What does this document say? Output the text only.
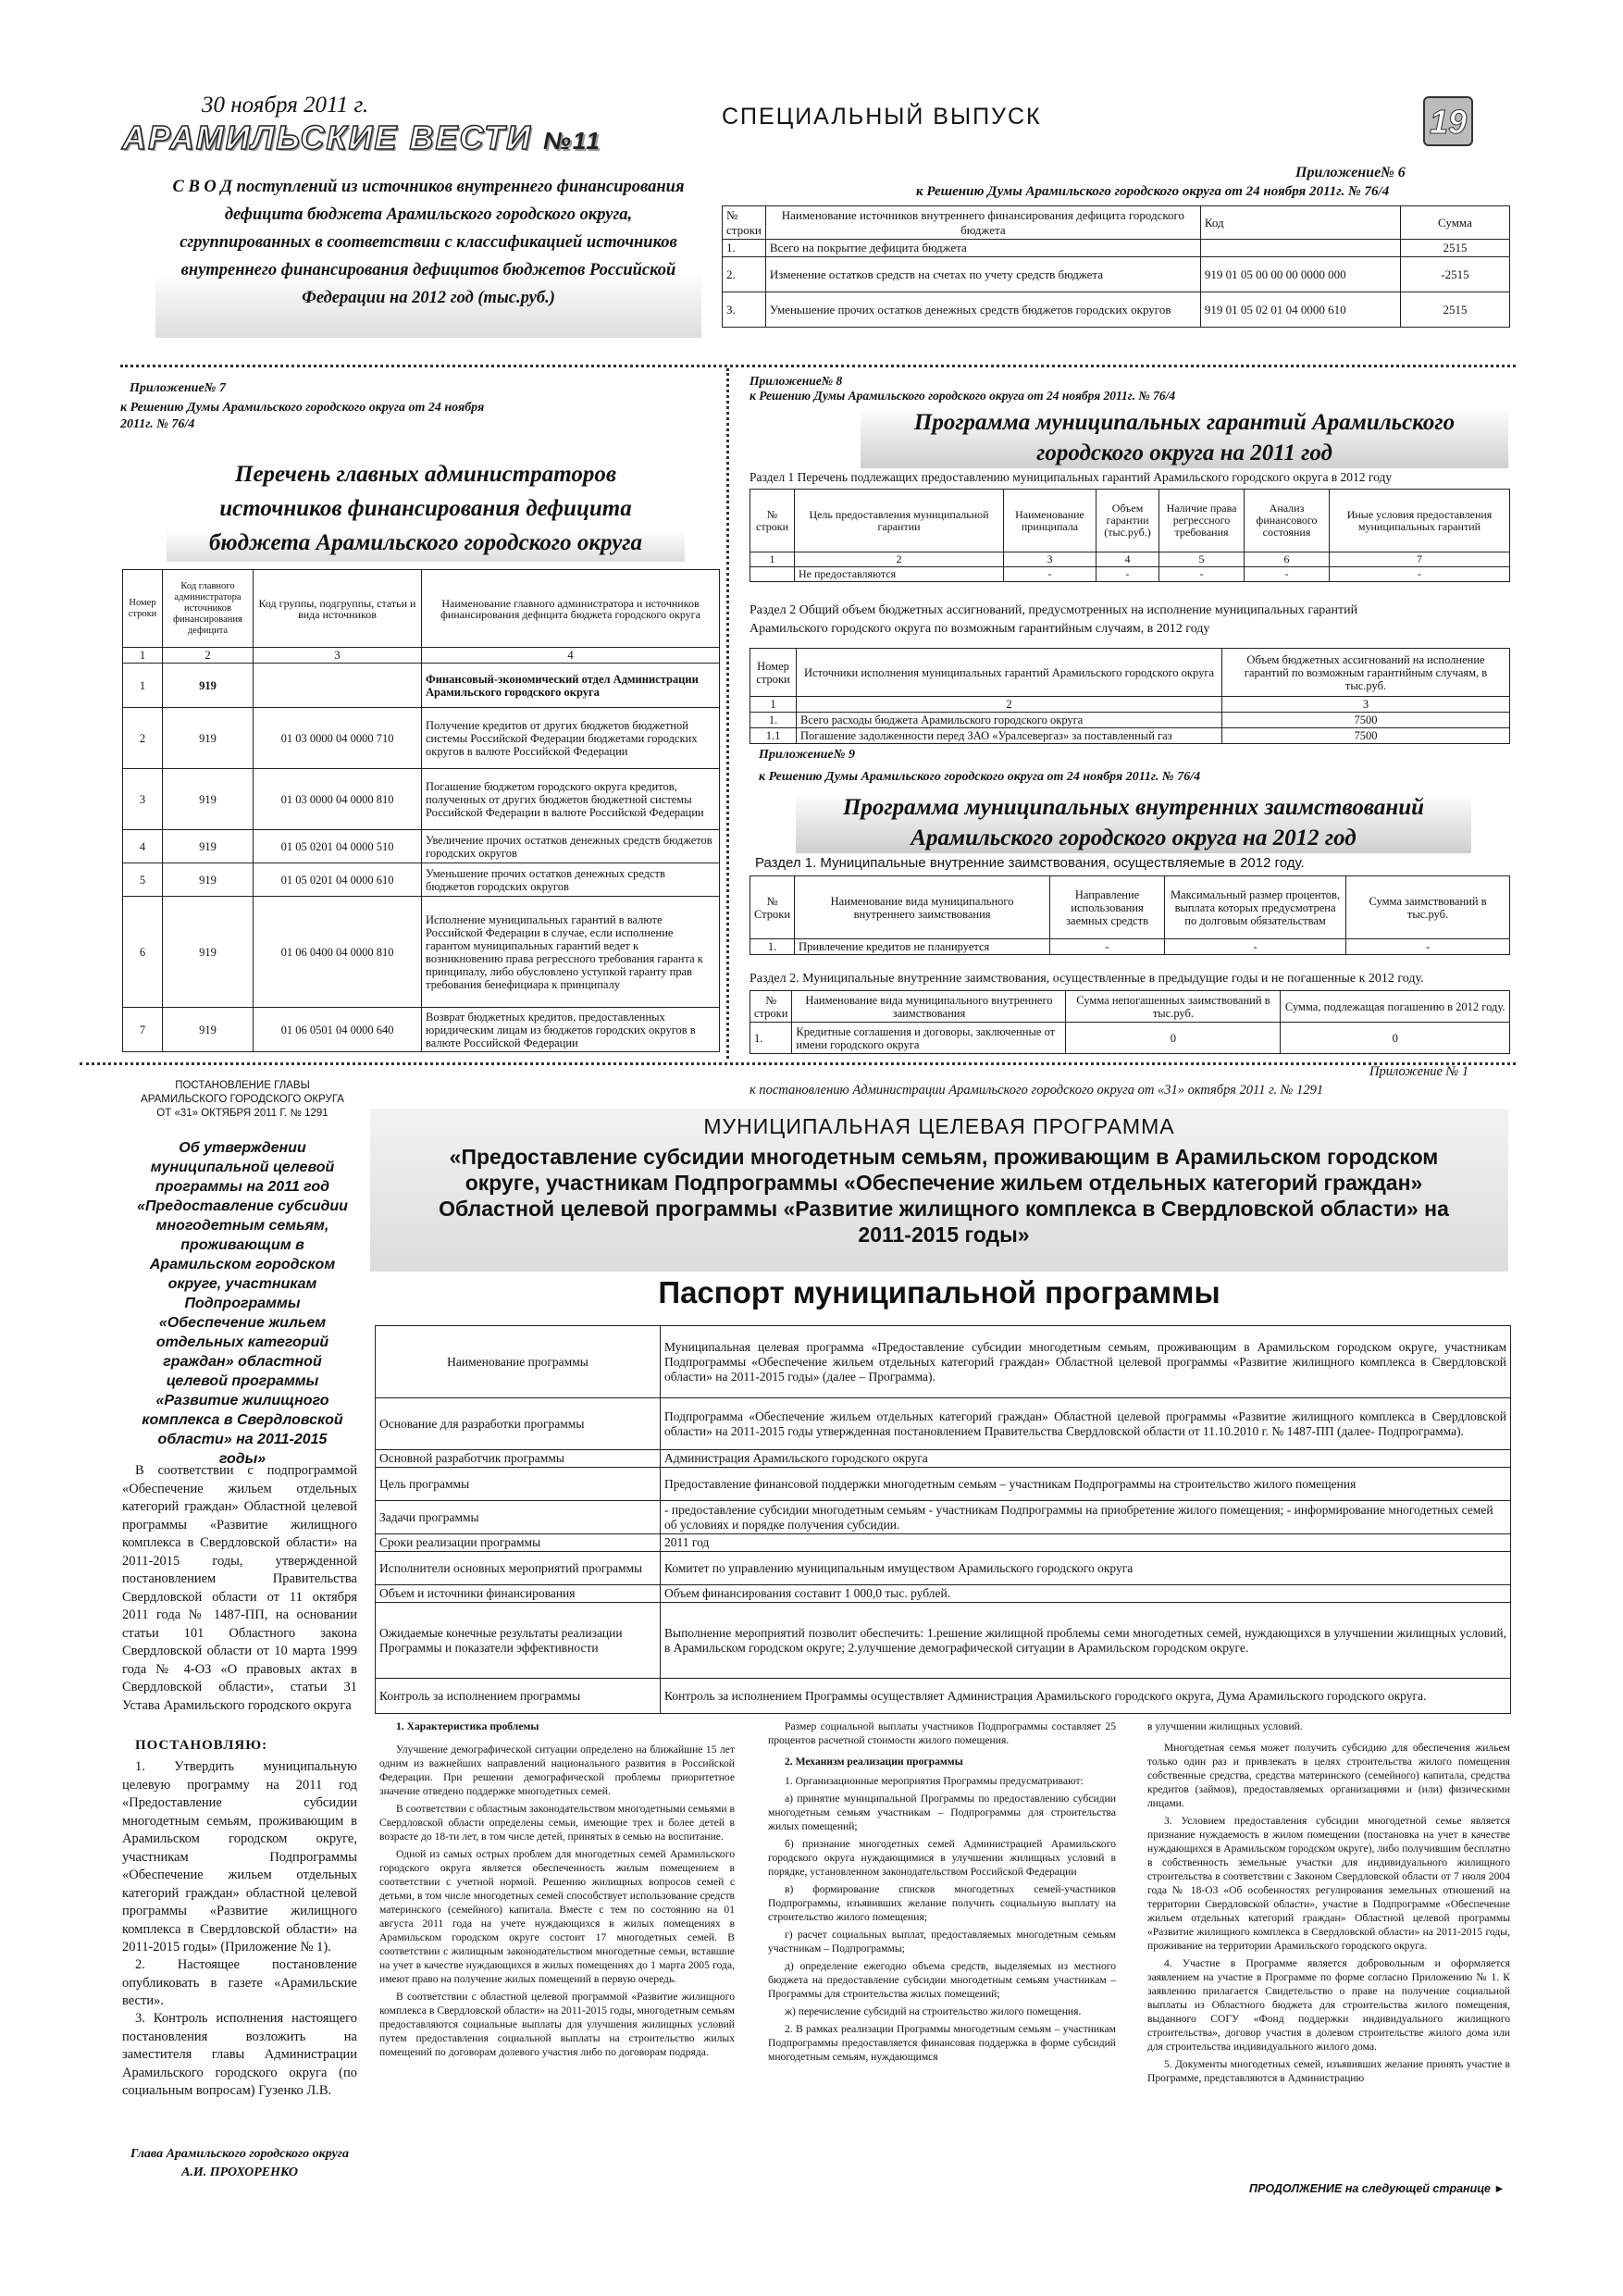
30 ноября 2011 г.
АРАМИЛЬСКИЕ ВЕСТИ №11
СПЕЦИАЛЬНЫЙ ВЫПУСК	19
С В О Д поступлений из источников внутреннего финансирования дефицита бюджета Арамильского городского округа, сгруппированных в соответствии с классификацией источников внутреннего финансирования дефицитов бюджетов Российской Федерации на 2012 год (тыс.руб.)
Приложение№ 6
к Решению Думы Арамильского городского округа от 24 ноября 2011г. № 76/4
№ строки	Наименование источников внутреннего финансирования дефицита городского бюджета	Код	Сумма
1.	Всего на покрытие дефицита бюджета		2515
2.	Изменение остатков средств на счетах по учету средств бюджета	919 01 05 00 00 00 0000 000	-2515
3.	Уменьшение прочих остатков денежных средств бюджетов городских округов	919 01 05 02 01 04 0000 610	2515
Приложение№ 7
к Решению Думы Арамильского городского округа от 24 ноября 2011г. № 76/4
Перечень главных администраторов источников финансирования дефицита бюджета Арамильского городского округа
Номер строки	Код главного администратора источников финансирования дефицита	Код группы, подгруппы, статьи и вида источников	Наименование главного администратора и источников финансирования дефицита бюджета городского округа
1	2	3	4
1	919		Финансовый-экономический отдел Администрации Арамильского городского округа
2	919	01 03 0000 04 0000 710	Получение кредитов от других бюджетов бюджетной системы Российской Федерации бюджетами городских округов в валюте Российской Федерации
3	919	01 03 0000 04 0000 810	Погашение бюджетом городского округа кредитов, полученных от других бюджетов бюджетной системы Российской Федерации в валюте Российской Федерации
4	919	01 05 0201 04 0000 510	Увеличение прочих остатков денежных средств бюджетов городских округов
5	919	01 05 0201 04 0000 610	Уменьшение прочих остатков денежных средств бюджетов городских округов
6	919	01 06 0400 04 0000 810	Исполнение муниципальных гарантий в валюте Российской Федерации в случае, если исполнение гарантом муниципальных гарантий ведет к возникновению права регрессного требования гаранта к принципалу, либо обусловлено уступкой гаранту прав требования бенефициара к принципалу
7	919	01 06 0501 04 0000 640	Возврат бюджетных кредитов, предоставленных юридическим лицам из бюджетов городских округов в валюте Российской Федерации
Приложение№ 8
к Решению Думы Арамильского городского округа от 24 ноября 2011г. № 76/4
Программа муниципальных гарантий Арамильского городского округа на 2011 год
Раздел 1 Перечень подлежащих предоставлению муниципальных гарантий Арамильского городского округа в 2012 году
№ строки	Цель предоставления муниципальной гарантии	Наименование принципала	Объем гарантии (тыс.руб.)	Наличие права регрессного требования	Анализ финансового состояния	Иные условия предоставления муниципальных гарантий
1	2	3	4	5	6	7
	Не предоставляются	-	-	-	-	-
Раздел 2 Общий объем бюджетных ассигнований, предусмотренных на исполнение муниципальных гарантий Арамильского городского округа по возможным гарантийным случаям, в 2012 году
Номер строки	Источники исполнения муниципальных гарантий Арамильского городского округа	Объем бюджетных ассигнований на исполнение гарантий по возможным гарантийным случаям, в тыс.руб.
1	2	3
1.	Всего расходы бюджета Арамильского городского округа	7500
1.1	Погашение задолженности перед ЗАО «Уралсевергаз» за поставленный газ	7500
Приложение№ 9
к Решению Думы Арамильского городского округа от 24 ноября 2011г. № 76/4
Программа муниципальных внутренних заимствований Арамильского городского округа на 2012 год
Раздел 1. Муниципальные внутренние заимствования, осуществляемые в 2012 году.
№ Строки	Наименование вида муниципального внутреннего заимствования	Направление использования заемных средств	Максимальный размер процентов, выплата которых предусмотрена по долговым обязательствам	Сумма заимствований в тыс.руб.
1.	Привлечение кредитов не планируется	-	-	-
Раздел 2. Муниципальные внутренние заимствования, осуществленные в предыдущие годы и не погашенные к 2012 году.
№ строки	Наименование вида муниципального внутреннего заимствования	Сумма непогашенных заимствований в тыс.руб.	Сумма, подлежащая погашению в 2012 году.
1.	Кредитные соглашения и договоры, заключенные от имени городского округа	0	0
ПОСТАНОВЛЕНИЕ ГЛАВЫ АРАМИЛЬСКОГО ГОРОДСКОГО ОКРУГА ОТ «31» ОКТЯБРЯ 2011 Г. № 1291
Об утверждении муниципальной целевой программы на 2011 год «Предоставление субсидии многодетным семьям, проживающим в Арамильском городском округе, участникам Подпрограммы «Обеспечение жильем отдельных категорий граждан» областной целевой программы «Развитие жилищного комплекса в Свердловской области» на 2011-2015 годы»
В соответствии с подпрограммой «Обеспечение жильем отдельных категорий граждан» Областной целевой программы «Развитие жилищного комплекса в Свердловской области» на 2011-2015 годы, утвержденной постановлением Правительства Свердловской области от 11 октября 2011 года № 1487-ПП, на основании статьи 101 Областного закона Свердловской области от 10 марта 1999 года № 4-ОЗ «О правовых актах в Свердловской области», статьи 31 Устава Арамильского городского округа
ПОСТАНОВЛЯЮ:
1. Утвердить муниципальную целевую программу на 2011 год «Предоставление субсидии многодетным семьям, проживающим в Арамильском городском округе, участникам Подпрограммы «Обеспечение жильем отдельных категорий граждан» областной целевой программы «Развитие жилищного комплекса в Свердловской области» на 2011-2015 годы» (Приложение № 1).
2. Настоящее постановление опубликовать в газете «Арамильские вести».
3. Контроль исполнения настоящего постановления возложить на заместителя главы Администрации Арамильского городского округа (по социальным вопросам) Гузенко Л.В.
Глава Арамильского городского округа А.И. ПРОХОРЕНКО
Приложение № 1
к постановлению Администрации Арамильского городского округа от «31» октября 2011 г. № 1291
МУНИЦИПАЛЬНАЯ ЦЕЛЕВАЯ ПРОГРАММА
«Предоставление субсидии многодетным семьям, проживающим в Арамильском городском округе, участникам Подпрограммы «Обеспечение жильем отдельных категорий граждан» Областной целевой программы «Развитие жилищного комплекса в Свердловской области» на 2011-2015 годы»
Паспорт муниципальной программы
Наименование программы	Муниципальная целевая программа «Предоставление субсидии многодетным семьям, проживающим в Арамильском городском округе, участникам Подпрограммы «Обеспечение жильем отдельных категорий граждан» Областной целевой программы «Развитие жилищного комплекса в Свердловской области» на 2011-2015 годы» (далее – Программа).
Основание для разработки программы	Подпрограмма «Обеспечение жильем отдельных категорий граждан» Областной целевой программы «Развитие жилищного комплекса в Свердловской области» на 2011-2015 годы утвержденная постановлением Правительства Свердловской области от 11.10.2010 г. № 1487-ПП (далее- Подпрограмма).
Основной разработчик программы	Администрация Арамильского городского округа
Цель программы	Предоставление финансовой поддержки многодетным семьям – участникам Подпрограммы на строительство жилого помещения
Задачи программы	- предоставление субсидии многодетным семьям - участникам Подпрограммы на приобретение жилого помещения; - информирование многодетных семей об условиях и порядке получения субсидии.
Сроки реализации программы	2011 год
Исполнители основных мероприятий программы	Комитет по управлению муниципальным имуществом Арамильского городского округа
Объем и источники финансирования	Объем финансирования составит 1 000,0 тыс. рублей.
Ожидаемые конечные результаты реализации Программы и показатели эффективности	Выполнение мероприятий позволит обеспечить: 1.решение жилищной проблемы семи многодетных семей, нуждающихся в улучшении жилищных условий, в Арамильском городском округе; 2.улучшение демографической ситуации в Арамильском городском округе.
Контроль за исполнением программы	Контроль за исполнением Программы осуществляет Администрация Арамильского городского округа, Дума Арамильского городского округа.
1. Характеристика проблемы

Улучшение демографической ситуации определено на ближайшие 15 лет одним из важнейших направлений национального развития в Российской Федерации. При решении демографической проблемы приоритетное значение отведено поддержке многодетных семей.

В соответствии с областным законодательством многодетными семьями в Свердловской области определены семьи, имеющие трех и более детей в возрасте до 18-ти лет, в том числе детей, принятых в семью на воспитание.

Одной из самых острых проблем для многодетных семей Арамильского городского округа является обеспеченность жилым помещением в соответствии с учетной нормой. Решению жилищных вопросов семей с детьми, в том числе многодетных семей способствует использование средств материнского (семейного) капитала. Вместе с тем по состоянию на 01 августа 2011 года на учете нуждающихся в жилых помещениях в Арамильском городском округе состоит 17 многодетных семей. В соответствии с жилищным законодательством многодетные семьи, вставшие на учет в качестве нуждающихся в жилых помещениях до 1 марта 2005 года, имеют право на получение жилых помещений в первую очередь.

В соответствии с областной целевой программой «Развитие жилищного комплекса в Свердловской области» на 2011-2015 годы, многодетным семьям предоставляются социальные выплаты для улучшения жилищных условий путем предоставления социальной выплаты на строительство жилых помещений по договорам долевого участия либо по договорам подряда.

Размер социальной выплаты участников Подпрограммы составляет 25 процентов расчетной стоимости жилого помещения.

2. Механизм реализации программы

1. Организационные мероприятия Программы предусматривают:

а) принятие муниципальной Программы по предоставлению субсидии многодетным семьям участникам – Подпрограммы для строительства жилых помещений;

б) признание многодетных семей Администрацией Арамильского городского округа нуждающимися в улучшении жилищных условий в порядке, установленном законодательством Российской Федерации

в) формирование списков многодетных семей-участников Подпрограммы, изъявивших желание получить социальную выплату на строительство жилого помещения;

г) расчет социальных выплат, предоставляемых многодетным семьям участникам – Подпрограммы;

д) определение ежегодно объема средств, выделяемых из местного бюджета на предоставление субсидии многодетным семьям участникам – Программы для строительства жилых помещений;

ж) перечисление субсидий на строительство жилого помещения.

2. В рамках реализации Программы многодетным семьям – участникам Подпрограммы предоставляется финансовая поддержка в форме субсидий многодетным семьям, нуждающимся

в улучшении жилищных условий.

Многодетная семья может получить субсидию для обеспечения жильем только один раз и привлекать в целях строительства жилого помещения собственные средства, средства материнского (семейного) капитала, средства кредитов (займов), предоставляемых организациями и (или) физическими лицами.

3. Условием предоставления субсидии многодетной семье является признание нуждаемость в жилом помещении (постановка на учет в качестве нуждающихся в Арамильском городском округе), либо получившим бесплатно в собственность земельные участки для индивидуального жилищного строительства в соответствии с Законом Свердловской области от 7 июля 2004 года № 18-ОЗ «Об особенностях регулирования земельных отношений на территории Свердловской области», участие в Подпрограмме «Обеспечение жильем отдельных категорий граждан» Областной целевой программы «Развитие жилищного комплекса в Свердловской области» на 2011-2015 годы, проживание на территории Арамильского городского округа.

4. Участие в Программе является добровольным и оформляется заявлением на участие в Программе по форме согласно Приложению № 1. К заявлению прилагается Свидетельство о праве на получение социальной выплаты из Областного бюджета для строительства жилого помещения, выданного СОГУ «Фонд поддержки индивидуального жилищного строительства», договор участия в долевом строительстве жилого дома или для строительства индивидуального жилого дома.

5. Документы многодетных семей, изъявивших желание принять участие в Программе, представляются в Администрацию

ПРОДОЛЖЕНИЕ на следующей странице ►
